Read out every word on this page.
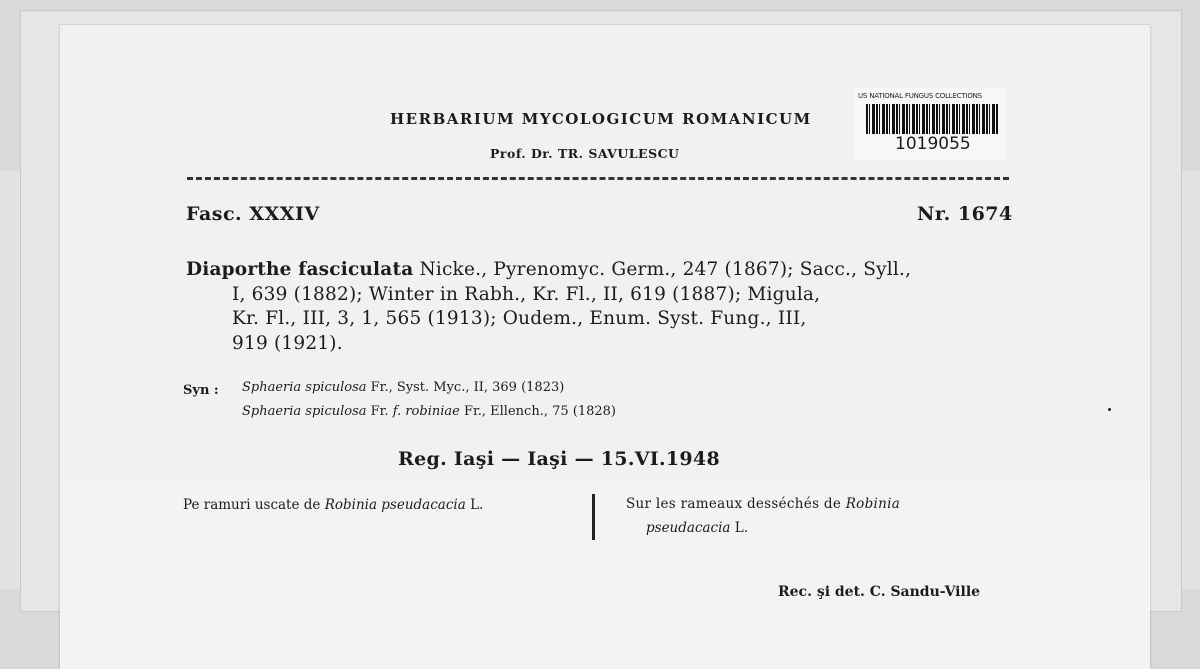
HERBARIUM MYCOLOGICUM ROMANICUM
Prof. Dr. TR. SAVULESCU
US NATIONAL FUNGUS COLLECTIONS
1019055
Fasc. XXXIV	Nr. 1674
Diaporthe fasciculata Nicke., Pyrenomyc. Germ., 247 (1867); Sacc., Syll.,
I, 639 (1882); Winter in Rabh., Kr. Fl., II, 619 (1887); Migula,
Kr. Fl., III, 3, 1, 565 (1913); Oudem., Enum. Syst. Fung., III,
919 (1921).
Syn : Sphaeria spiculosa Fr., Syst. Myc., II, 369 (1823)
Sphaeria spiculosa Fr. f. robiniae Fr., Ellench., 75 (1828)
Reg. Iaşi — Iaşi — 15.VI.1948
Pe ramuri uscate de Robinia pseudacacia L.	Sur les rameaux desséchés de Robinia
pseudacacia L.
Rec. şi det. C. Sandu-Ville
